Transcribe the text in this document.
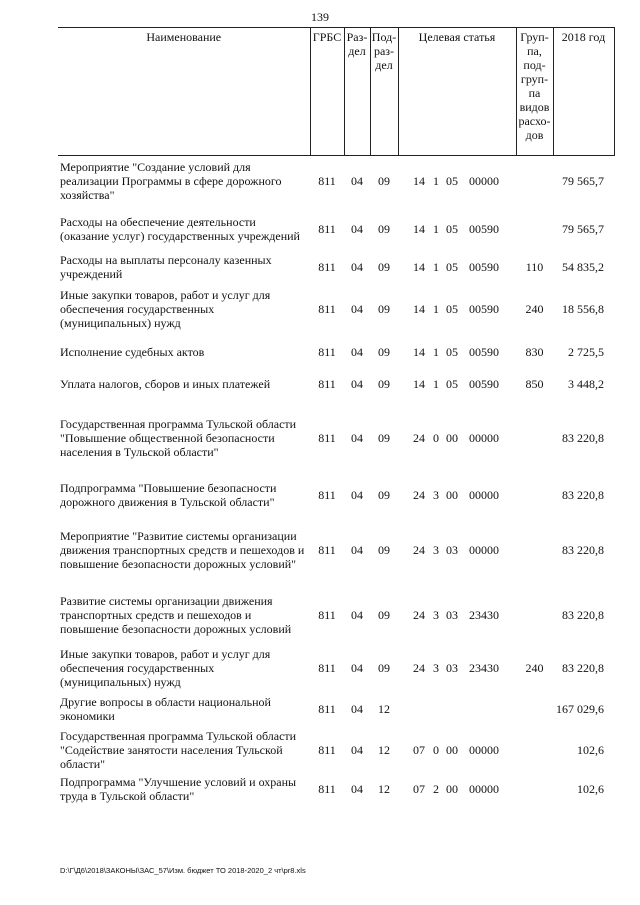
139
Наименование	ГРБС	Раз-дел	Под-раз-дел	Целевая статья	Груп-па, под-груп-па видов расхо-дов	2018 год
Мероприятие "Создание условий для реализации Программы в сфере дорожного хозяйства"	811	04	09	14 1 05 00000		79 565,7
Расходы на обеспечение деятельности (оказание услуг) государственных учреждений	811	04	09	14 1 05 00590		79 565,7
Расходы на выплаты персоналу казенных учреждений	811	04	09	14 1 05 00590	110	54 835,2
Иные закупки товаров, работ и услуг для обеспечения государственных (муниципальных) нужд	811	04	09	14 1 05 00590	240	18 556,8
Исполнение судебных актов	811	04	09	14 1 05 00590	830	2 725,5
Уплата налогов, сборов и иных платежей	811	04	09	14 1 05 00590	850	3 448,2
Государственная программа Тульской области "Повышение общественной безопасности населения в Тульской области"	811	04	09	24 0 00 00000		83 220,8
Подпрограмма "Повышение безопасности дорожного движения в Тульской области"	811	04	09	24 3 00 00000		83 220,8
Мероприятие "Развитие системы организации движения транспортных средств и пешеходов и повышение безопасности дорожных условий"	811	04	09	24 3 03 00000		83 220,8
Развитие системы организации движения транспортных средств и пешеходов и повышение безопасности дорожных условий	811	04	09	24 3 03 23430		83 220,8
Иные закупки товаров, работ и услуг для обеспечения государственных (муниципальных) нужд	811	04	09	24 3 03 23430	240	83 220,8
Другие вопросы в области национальной экономики	811	04	12			167 029,6
Государственная программа Тульской области "Содействие занятости населения Тульской области"	811	04	12	07 0 00 00000		102,6
Подпрограмма "Улучшение условий и охраны труда в Тульской области"	811	04	12	07 2 00 00000		102,6
D:\Г\Д6\2018\ЗАКОНЫ\ЗАС_57\Изм. бюджет ТО 2018-2020_2 чт\pr8.xls
